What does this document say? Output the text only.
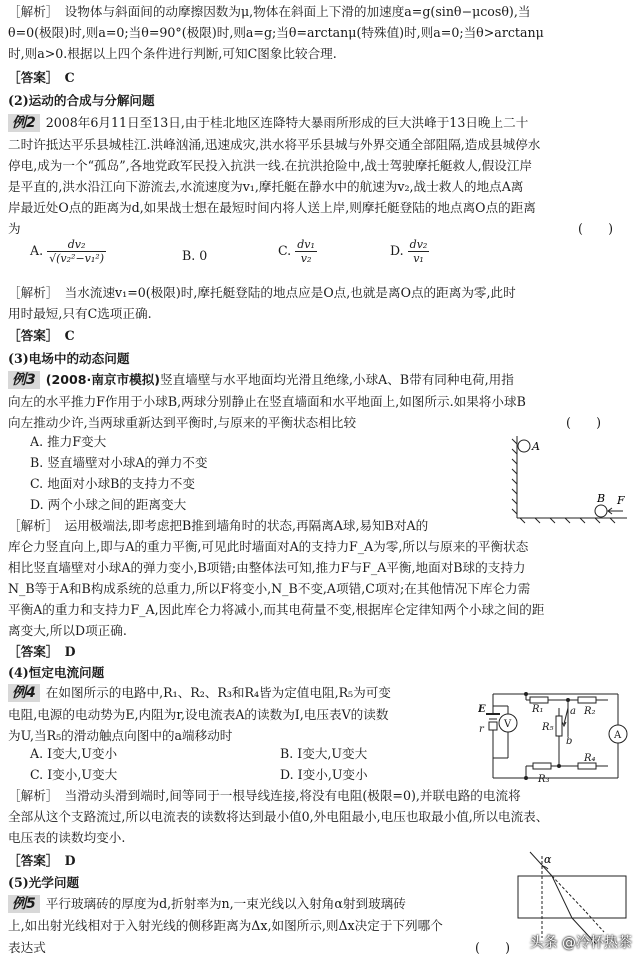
［解析］　设物体与斜面间的动摩擦因数为μ,物体在斜面上下滑的加速度a=g(sinθ−μcosθ),当
θ=0(极限)时,则a=0;当θ=90°(极限)时,则a=g;当θ=arctanμ(特殊值)时,则a=0;当θ>arctanμ
时,则a>0.根据以上四个条件进行判断,可知C图象比较合理.
［答案］　C
(2)运动的合成与分解问题
例2 2008年6月11日至13日,由于桂北地区连降特大暴雨所形成的巨大洪峰于13日晚上二十
二时许抵达平乐县城桂江.洪峰汹涌,迅速成灾,洪水将平乐县城与外界交通全部阻隔,造成县城停水
停电,成为一个“孤岛”,各地党政军民投入抗洪一线.在抗洪抢险中,战士驾驶摩托艇救人,假设江岸
是平直的,洪水沿江向下游流去,水流速度为v₁,摩托艇在静水中的航速为v₂,战士救人的地点A离
岸最近处O点的距离为d,如果战士想在最短时间内将人送上岸,则摩托艇登陆的地点离O点的距离
为	(　　)
A. $\frac{\text{dv₂}}{\text{√(v₂²−v₁²)}}$	B. 0	C. $\frac{\text{dv₁}}{\text{v₂}}$	D. $\frac{\text{dv₂}}{\text{v₁}}$
［解析］　当水流速v₁=0(极限)时,摩托艇登陆的地点应是O点,也就是离O点的距离为零,此时
用时最短,只有C选项正确.
［答案］　C
(3)电场中的动态问题
例3 (2008·南京市模拟)竖直墙壁与水平地面均光滑且绝缘,小球A、B带有同种电荷,用指
向左的水平推力F作用于小球B,两球分别静止在竖直墙面和水平地面上,如图所示.如果将小球B
向左推动少许,当两球重新达到平衡时,与原来的平衡状态相比较	(　　)
A. 推力F变大
B. 竖直墙壁对小球A的弹力不变
C. 地面对小球B的支持力不变
D. 两个小球之间的距离变大
A
B F
［解析］　运用极端法,即考虑把B推到墙角时的状态,再隔离A球,易知B对A的
库仑力竖直向上,即与A的重力平衡,可见此时墙面对A的支持力F_A为零,所以与原来的平衡状态
相比竖直墙壁对小球A的弹力变小,B项错;由整体法可知,推力F与F_A平衡,地面对B球的支持力
N_B等于A和B构成系统的总重力,所以F将变小,N_B不变,A项错,C项对;在其他情况下库仑力需
平衡A的重力和支持力F_A,因此库仑力将减小,而其电荷量不变,根据库仑定律知两个小球之间的距
离变大,所以D项正确.
［答案］　D
(4)恒定电流问题
例4 在如图所示的电路中,R₁、R₂、R₃和R₄皆为定值电阻,R₅为可变
电阻,电源的电动势为E,内阻为r,设电流表A的读数为I,电压表V的读数
为U,当R₅的滑动触点向图中的a端移动时
A. I变大,U变小	B. I变大,U变大
C. I变小,U变大	D. I变小,U变小
R₁	R₂
R₃
R₄
R₅
a
b
E
r V
A
［解析］　当滑动头滑到端时,间等同于一根导线连接,将没有电阻(极限=0),并联电路的电流将
全部从这个支路流过,所以电流表的读数将达到最小值0,外电阻最小,电压也取最小值,所以电流表、
电压表的读数均变小.
［答案］　D
(5)光学问题
例5 平行玻璃砖的厚度为d,折射率为n,一束光线以入射角α射到玻璃砖
上,如出射光线相对于入射光线的侧移距离为Δx,如图所示,则Δx决定于下列哪个
表达式	(　　)
α
头条 @冷杯热茶
